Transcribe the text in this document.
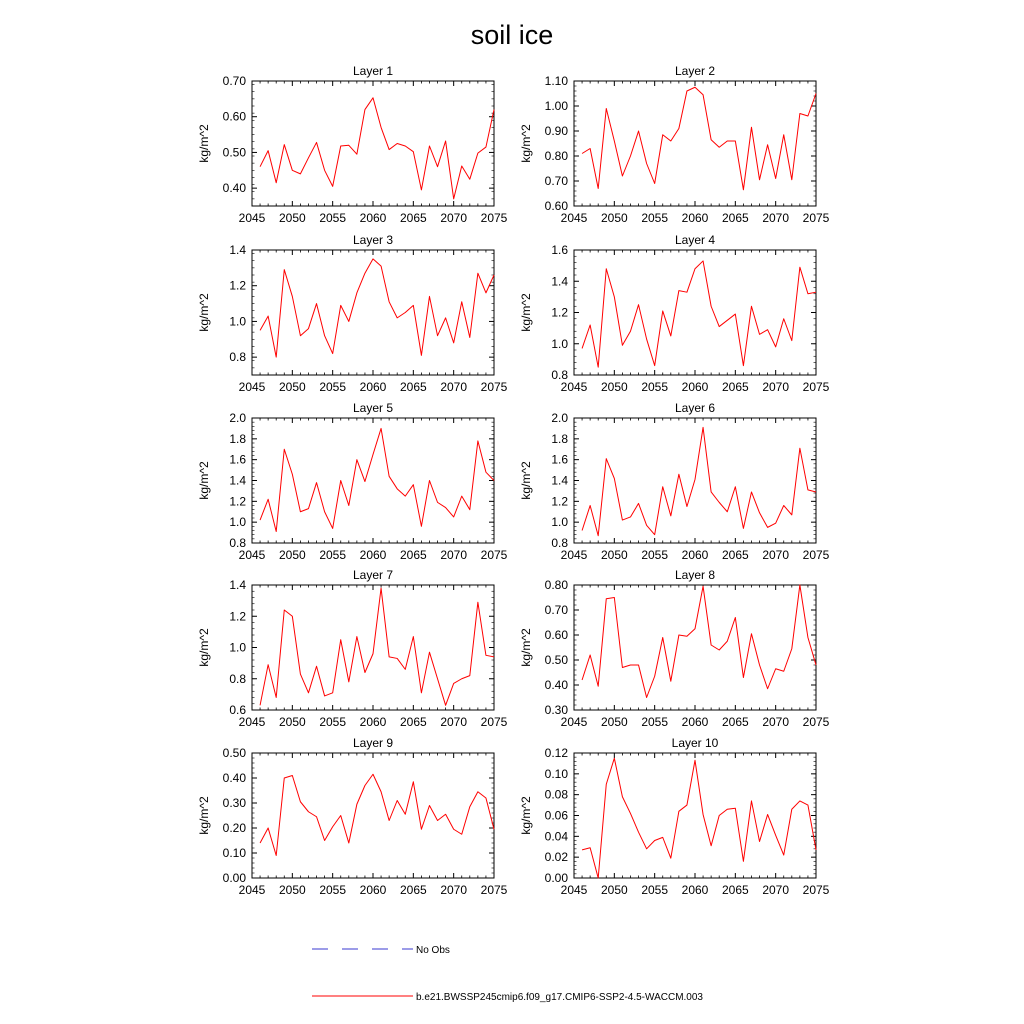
soil ice
Layer 1
kg/m^2
2045 2050 2055 2060 2065 2070 2075
0.40
0.50
0.60
0.70
Layer 2
kg/m^2
2045 2050 2055 2060 2065 2070 2075
0.60
0.70
0.80
0.90
1.00
1.10
Layer 3
kg/m^2
2045 2050 2055 2060 2065 2070 2075
0.8
1.0
1.2
1.4
Layer 4
kg/m^2
2045 2050 2055 2060 2065 2070 2075
0.8
1.0
1.2
1.4
1.6
Layer 5
kg/m^2
2045 2050 2055 2060 2065 2070 2075
0.8
1.0
1.2
1.4
1.6
1.8
2.0
Layer 6
kg/m^2
2045 2050 2055 2060 2065 2070 2075
0.8
1.0
1.2
1.4
1.6
1.8
2.0
Layer 7
kg/m^2
2045 2050 2055 2060 2065 2070 2075
0.6
0.8
1.0
1.2
1.4
Layer 8
kg/m^2
2045 2050 2055 2060 2065 2070 2075
0.30
0.40
0.50
0.60
0.70
0.80
Layer 9
kg/m^2
2045 2050 2055 2060 2065 2070 2075
0.00
0.10
0.20
0.30
0.40
0.50
Layer 10
kg/m^2
2045 2050 2055 2060 2065 2070 2075
0.00
0.02
0.04
0.06
0.08
0.10
0.12
No Obs
b.e21.BWSSP245cmip6.f09_g17.CMIP6-SSP2-4.5-WACCM.003
